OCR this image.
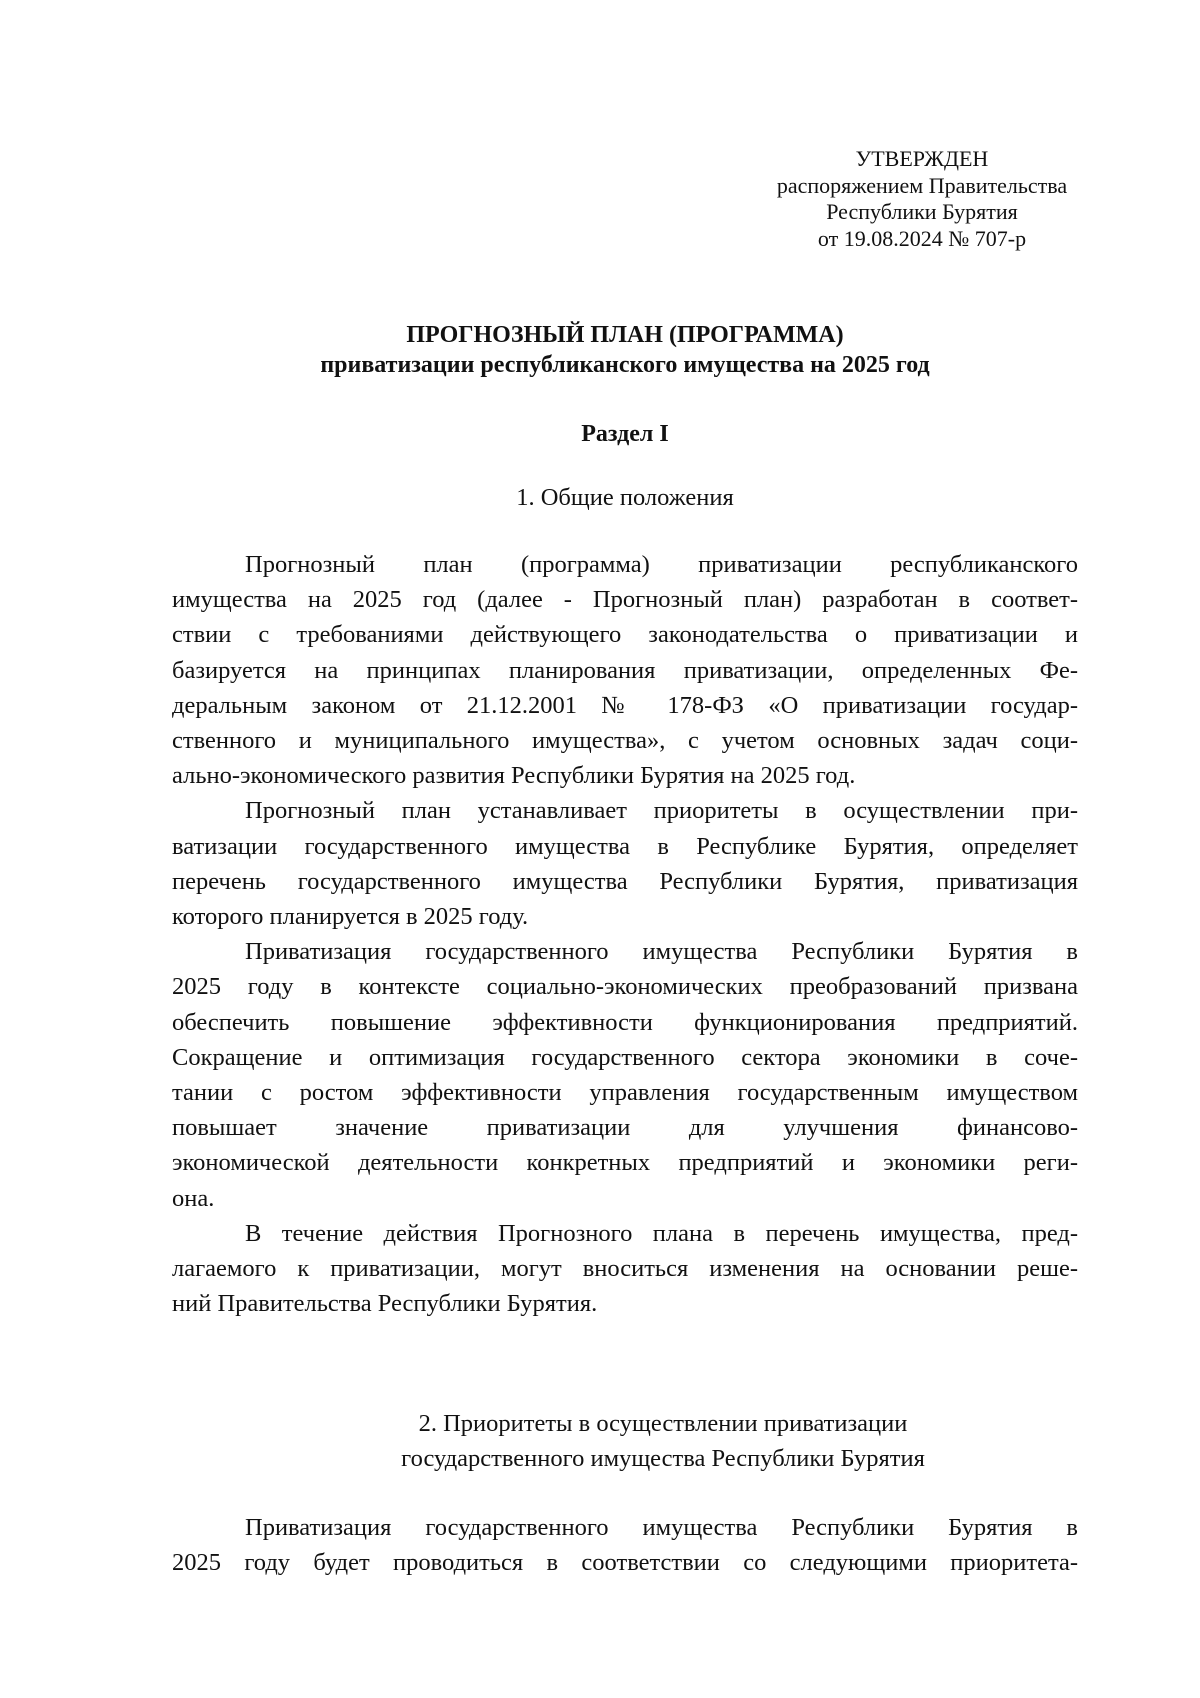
УТВЕРЖДЕН
распоряжением Правительства
Республики Бурятия
от 19.08.2024 № 707-р
ПРОГНОЗНЫЙ ПЛАН (ПРОГРАММА)
приватизации республиканского имущества на 2025 год
Раздел I
1. Общие положения

Прогнозный план (программа) приватизации республиканского
имущества на 2025 год (далее - Прогнозный план) разработан в соответ-
ствии с требованиями действующего законодательства о приватизации и
базируется на принципах планирования приватизации, определенных Фе-
деральным законом от 21.12.2001 № 178-ФЗ «О приватизации государ-
ственного и муниципального имущества», с учетом основных задач соци-
ально-экономического развития Республики Бурятия на 2025 год.

Прогнозный план устанавливает приоритеты в осуществлении при-
ватизации государственного имущества в Республике Бурятия, определяет
перечень государственного имущества Республики Бурятия, приватизация
которого планируется в 2025 году.

Приватизация государственного имущества Республики Бурятия в
2025 году в контексте социально-экономических преобразований призвана
обеспечить повышение эффективности функционирования предприятий.
Сокращение и оптимизация государственного сектора экономики в соче-
тании с ростом эффективности управления государственным имуществом
повышает значение приватизации для улучшения финансово-
экономической деятельности конкретных предприятий и экономики реги-
она.

В течение действия Прогнозного плана в перечень имущества, пред-
лагаемого к приватизации, могут вноситься изменения на основании реше-
ний Правительства Республики Бурятия.

2. Приоритеты в осуществлении приватизации
государственного имущества Республики Бурятия

Приватизация государственного имущества Республики Бурятия в
2025 году будет проводиться в соответствии со следующими приоритета-
